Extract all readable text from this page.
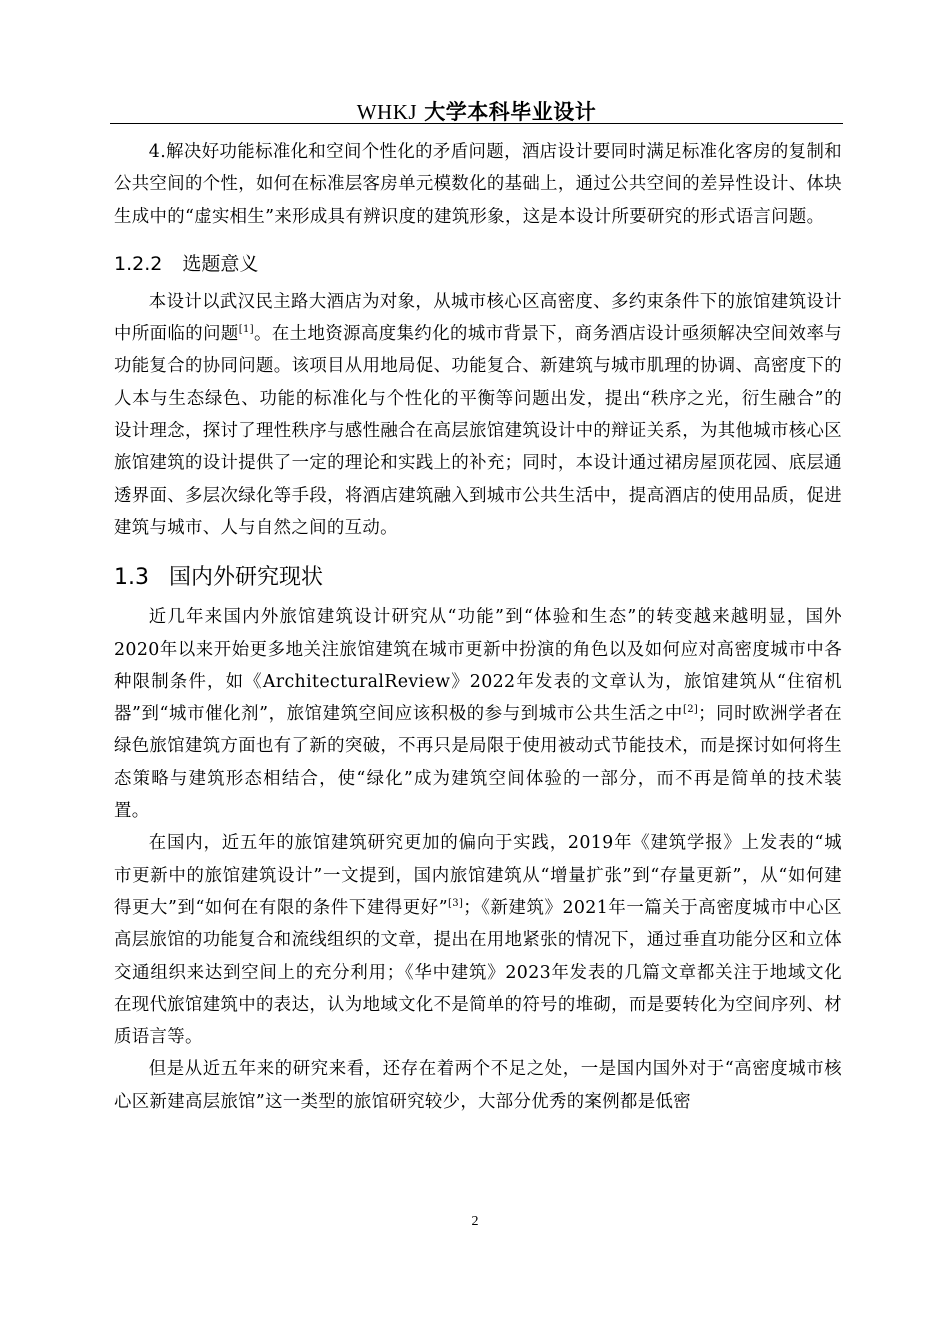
WHKJ 大学本科毕业设计

4.解决好功能标准化和空间个性化的矛盾问题，酒店设计要同时满足标准化客房的复制和公共空间的个性，如何在标准层客房单元模数化的基础上，通过公共空间的差异性设计、体块生成中的“虚实相生”来形成具有辨识度的建筑形象，这是本设计所要研究的形式语言问题。

1.2.2 选题意义

本设计以武汉民主路大酒店为对象，从城市核心区高密度、多约束条件下的旅馆建筑设计中所面临的问题[1]。在土地资源高度集约化的城市背景下，商务酒店设计亟须解决空间效率与功能复合的协同问题。该项目从用地局促、功能复合、新建筑与城市肌理的协调、高密度下的人本与生态绿色、功能的标准化与个性化的平衡等问题出发，提出“秩序之光，衍生融合”的设计理念，探讨了理性秩序与感性融合在高层旅馆建筑设计中的辩证关系，为其他城市核心区旅馆建筑的设计提供了一定的理论和实践上的补充；同时，本设计通过裙房屋顶花园、底层通透界面、多层次绿化等手段，将酒店建筑融入到城市公共生活中，提高酒店的使用品质，促进建筑与城市、人与自然之间的互动。

1.3 国内外研究现状

近几年来国内外旅馆建筑设计研究从“功能”到“体验和生态”的转变越来越明显，国外2020年以来开始更多地关注旅馆建筑在城市更新中扮演的角色以及如何应对高密度城市中各种限制条件，如《ArchitecturalReview》2022年发表的文章认为，旅馆建筑从“住宿机器”到“城市催化剂”，旅馆建筑空间应该积极的参与到城市公共生活之中[2]；同时欧洲学者在绿色旅馆建筑方面也有了新的突破，不再只是局限于使用被动式节能技术，而是探讨如何将生态策略与建筑形态相结合，使“绿化”成为建筑空间体验的一部分，而不再是简单的技术装置。

在国内，近五年的旅馆建筑研究更加的偏向于实践，2019年《建筑学报》上发表的“城市更新中的旅馆建筑设计”一文提到，国内旅馆建筑从“增量扩张”到“存量更新”，从“如何建得更大”到“如何在有限的条件下建得更好”[3]；《新建筑》2021年一篇关于高密度城市中心区高层旅馆的功能复合和流线组织的文章，提出在用地紧张的情况下，通过垂直功能分区和立体交通组织来达到空间上的充分利用；《华中建筑》2023年发表的几篇文章都关注于地域文化在现代旅馆建筑中的表达，认为地域文化不是简单的符号的堆砌，而是要转化为空间序列、材质语言等。

但是从近五年来的研究来看，还存在着两个不足之处，一是国内国外对于“高密度城市核心区新建高层旅馆”这一类型的旅馆研究较少，大部分优秀的案例都是低密

2
